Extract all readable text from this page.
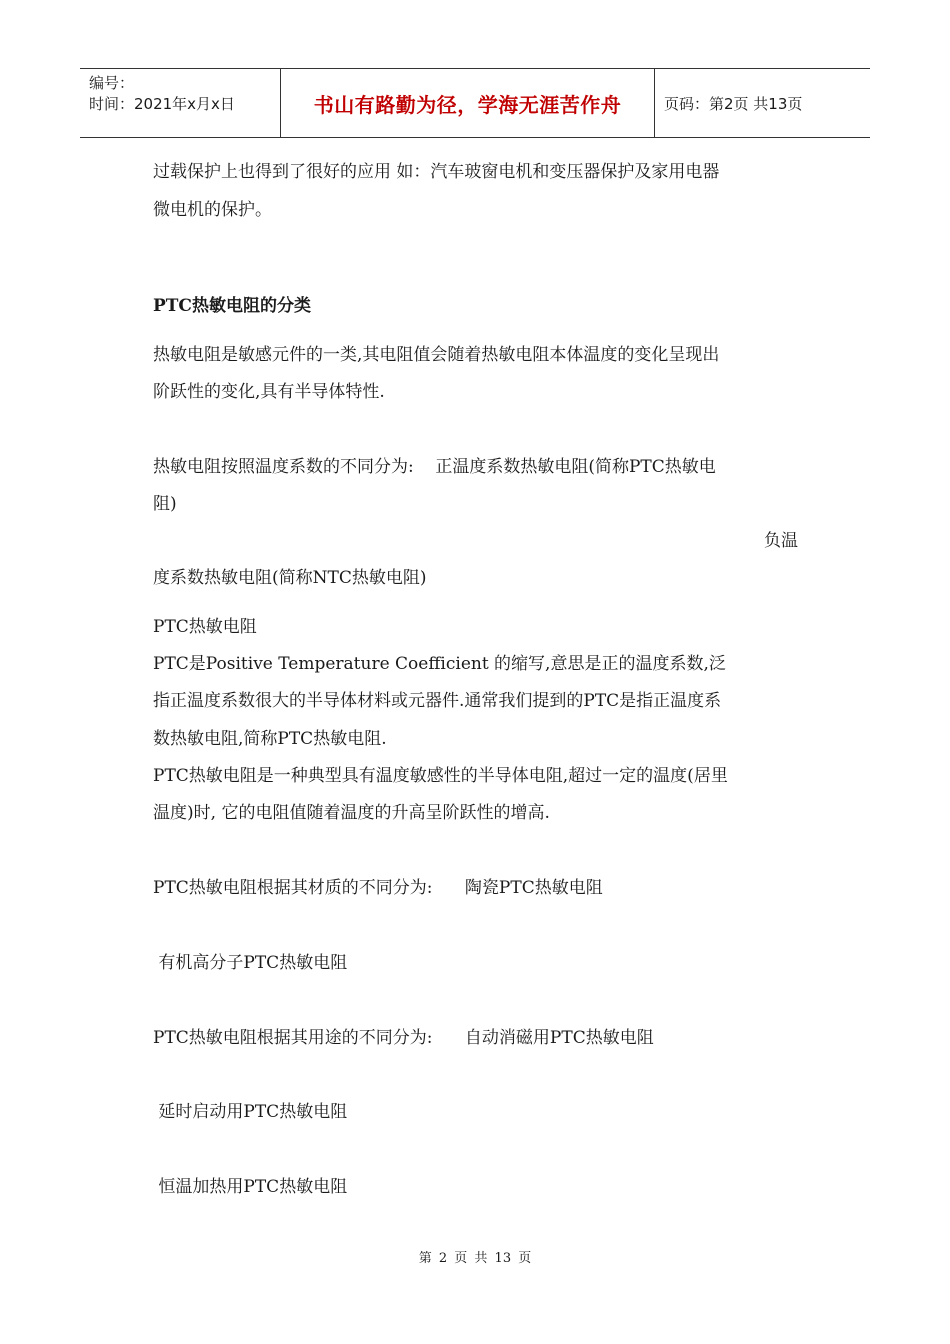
编号：
时间：2021年x月x日	书山有路勤为径，学海无涯苦作舟	页码：第2页 共13页
过载保护上也得到了很好的应用 如：汽车玻窗电机和变压器保护及家用电器
微电机的保护。
PTC热敏电阻的分类
热敏电阻是敏感元件的一类,其电阻值会随着热敏电阻本体温度的变化呈现出
阶跃性的变化,具有半导体特性.
热敏电阻按照温度系数的不同分为:    正温度系数热敏电阻(简称PTC热敏电
阻)
负温
度系数热敏电阻(简称NTC热敏电阻)
PTC热敏电阻
PTC是Positive Temperature Coefficient 的缩写,意思是正的温度系数,泛
指正温度系数很大的半导体材料或元器件.通常我们提到的PTC是指正温度系
数热敏电阻,简称PTC热敏电阻.
PTC热敏电阻是一种典型具有温度敏感性的半导体电阻,超过一定的温度(居里
温度)时, 它的电阻值随着温度的升高呈阶跃性的增高.
PTC热敏电阻根据其材质的不同分为:      陶瓷PTC热敏电阻
有机高分子PTC热敏电阻
PTC热敏电阻根据其用途的不同分为:      自动消磁用PTC热敏电阻
延时启动用PTC热敏电阻
恒温加热用PTC热敏电阻
第 2 页 共 13 页
